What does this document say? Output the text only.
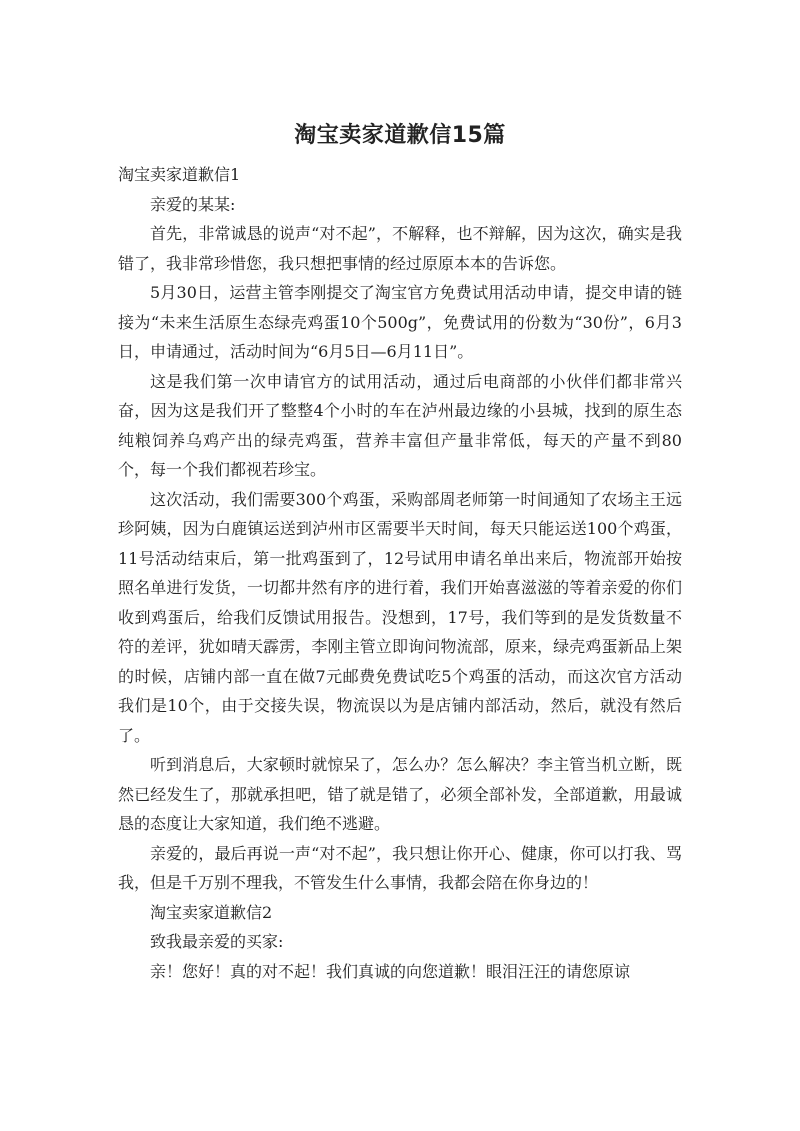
淘宝卖家道歉信15篇

淘宝卖家道歉信1

亲爱的某某:

首先，非常诚恳的说声“对不起”，不解释，也不辩解，因为这次，确实是我错了，我非常珍惜您，我只想把事情的经过原原本本的告诉您。

5月30日，运营主管李刚提交了淘宝官方免费试用活动申请，提交申请的链接为“未来生活原生态绿壳鸡蛋10个500g”，免费试用的份数为“30份”，6月3日，申请通过，活动时间为“6月5日—6月11日”。

这是我们第一次申请官方的试用活动，通过后电商部的小伙伴们都非常兴奋，因为这是我们开了整整4个小时的车在泸州最边缘的小县城，找到的原生态纯粮饲养乌鸡产出的绿壳鸡蛋，营养丰富但产量非常低，每天的产量不到80个，每一个我们都视若珍宝。

这次活动，我们需要300个鸡蛋，采购部周老师第一时间通知了农场主王远珍阿姨，因为白鹿镇运送到泸州市区需要半天时间，每天只能运送100个鸡蛋，11号活动结束后，第一批鸡蛋到了，12号试用申请名单出来后，物流部开始按照名单进行发货，一切都井然有序的进行着，我们开始喜滋滋的等着亲爱的你们收到鸡蛋后，给我们反馈试用报告。没想到，17号，我们等到的是发货数量不符的差评，犹如晴天霹雳，李刚主管立即询问物流部，原来，绿壳鸡蛋新品上架的时候，店铺内部一直在做7元邮费免费试吃5个鸡蛋的活动，而这次官方活动我们是10个，由于交接失误，物流误以为是店铺内部活动，然后，就没有然后了。

听到消息后，大家顿时就惊呆了，怎么办？怎么解决？李主管当机立断，既然已经发生了，那就承担吧，错了就是错了，必须全部补发，全部道歉，用最诚恳的态度让大家知道，我们绝不逃避。

亲爱的，最后再说一声“对不起”，我只想让你开心、健康，你可以打我、骂我，但是千万别不理我，不管发生什么事情，我都会陪在你身边的！

淘宝卖家道歉信2

致我最亲爱的买家:

亲！您好！真的对不起！我们真诚的向您道歉！眼泪汪汪的请您原谅
